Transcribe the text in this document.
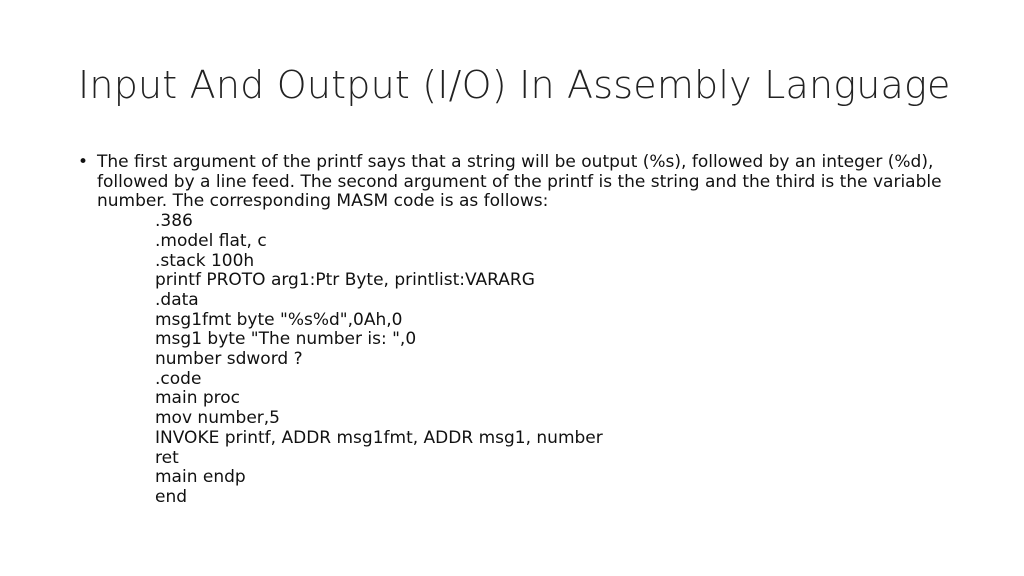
Input And Output (I/O) In Assembly Language
• The first argument of the printf says that a string will be output (%s), followed by an integer (%d), followed by a line feed. The second argument of the printf is the string and the third is the variable number. The corresponding MASM code is as follows:

.386
.model flat, c
.stack 100h
printf PROTO arg1:Ptr Byte, printlist:VARARG
.data
msg1fmt byte "%s%d",0Ah,0
msg1 byte "The number is: ",0
number sdword ?
.code
main proc
mov number,5
INVOKE printf, ADDR msg1fmt, ADDR msg1, number
ret
main endp
end
